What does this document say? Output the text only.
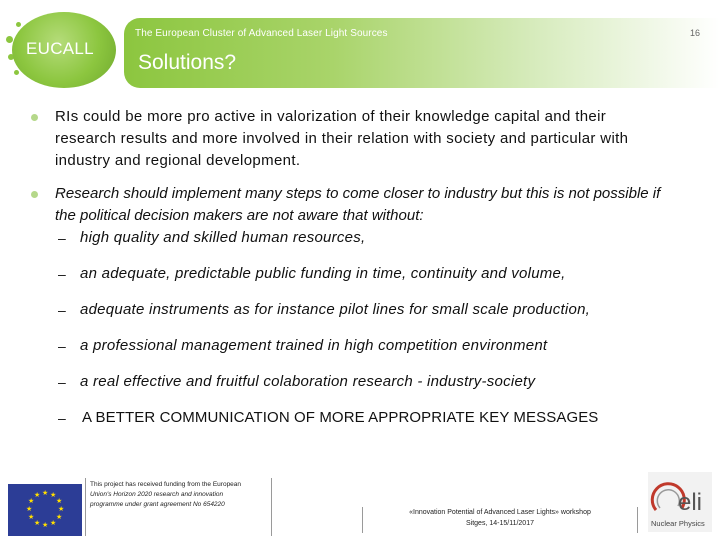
EUCALL
The European Cluster of Advanced Laser Light Sources
Solutions?
16
RIs could be more pro active in valorization of their knowledge capital and their research results and more involved in their relation with society and particular with industry and regional development.
Research should implement many steps to come closer to industry but this is not possible if the political decision makers are not aware that without:
– high quality and skilled human resources,
– an adequate, predictable public funding in time, continuity and volume,
– adequate instruments as for instance pilot lines for small scale production,
– a professional management trained in high competition environment
– a real effective and fruitful colaboration research - industry-society
– A BETTER COMMUNICATION OF MORE APPROPRIATE KEY MESSAGES
★ ★
★
★
★
★
★
★
★
★
★
★
This project has received funding from the European
Union's Horizon 2020 research and innovation
programme under grant agreement No 654220
«Innovation Potential of Advanced Laser Lights» workshop
Sitges, 14-15/11/2017
eli
Nuclear Physics
